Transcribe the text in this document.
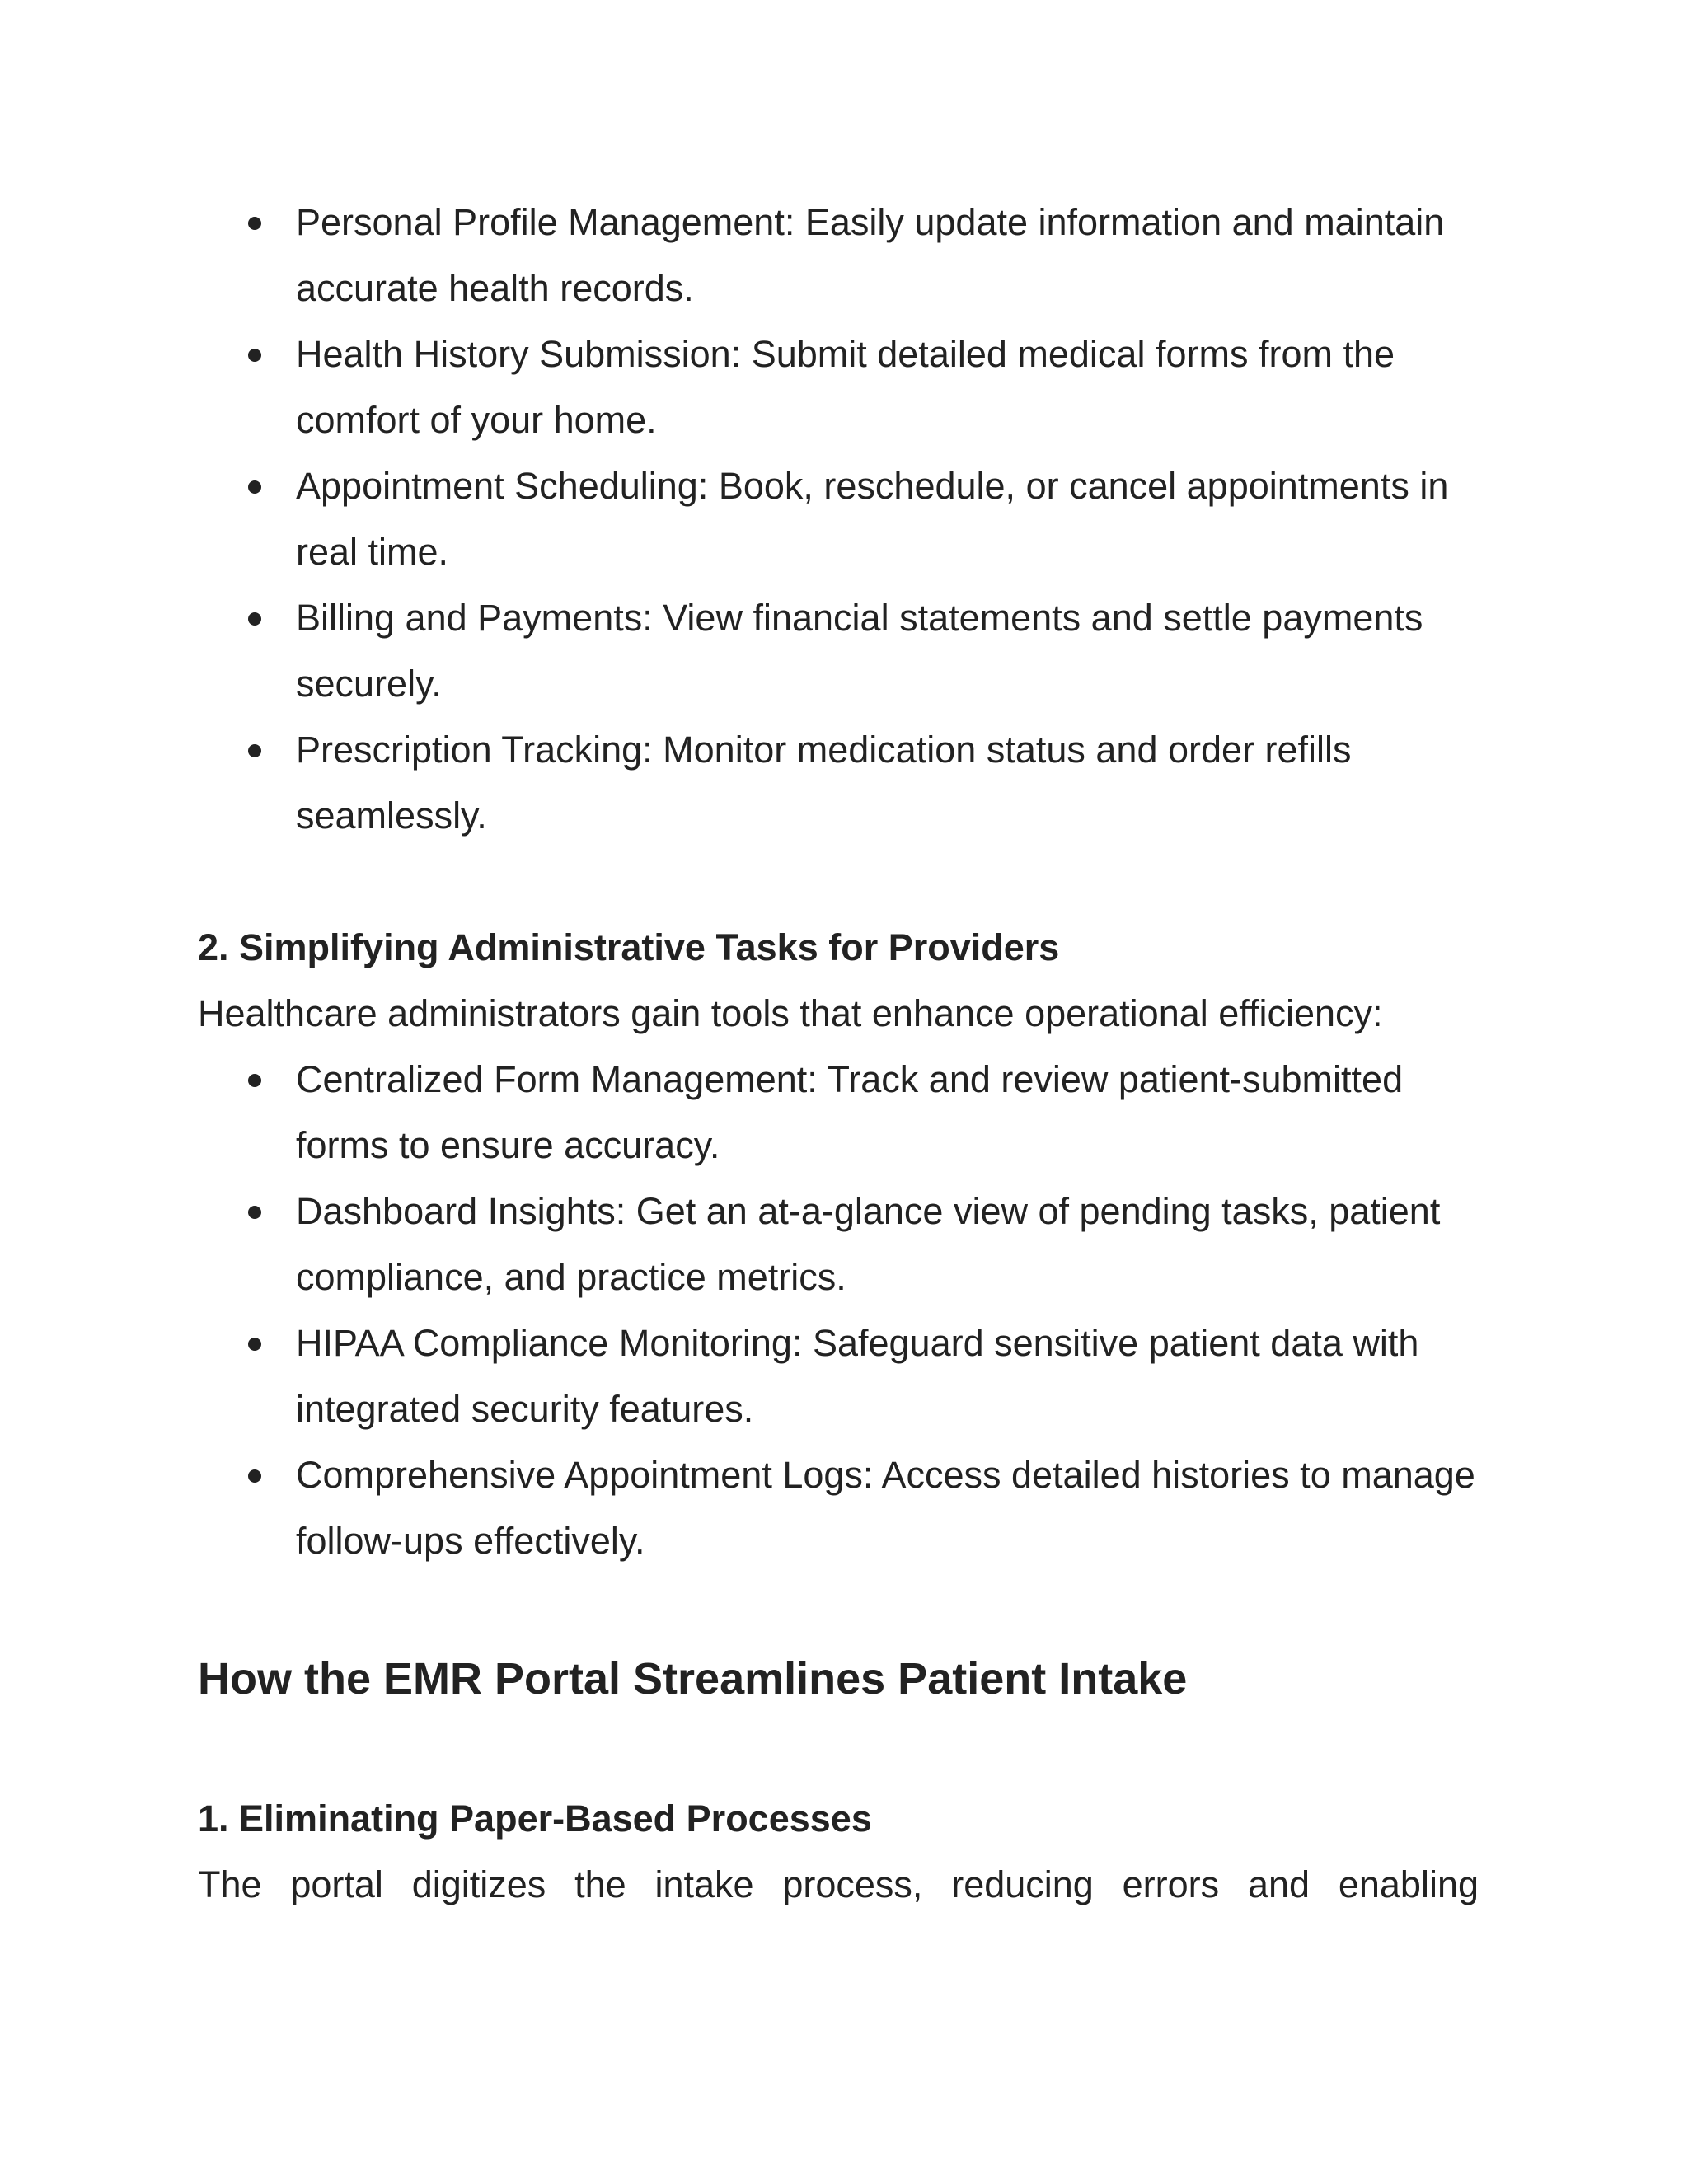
Personal Profile Management: Easily update information and maintain accurate health records.
Health History Submission: Submit detailed medical forms from the comfort of your home.
Appointment Scheduling: Book, reschedule, or cancel appointments in real time.
Billing and Payments: View financial statements and settle payments securely.
Prescription Tracking: Monitor medication status and order refills seamlessly.

2. Simplifying Administrative Tasks for Providers

Healthcare administrators gain tools that enhance operational efficiency:

Centralized Form Management: Track and review patient-submitted forms to ensure accuracy.
Dashboard Insights: Get an at-a-glance view of pending tasks, patient compliance, and practice metrics.
HIPAA Compliance Monitoring: Safeguard sensitive patient data with integrated security features.
Comprehensive Appointment Logs: Access detailed histories to manage follow-ups effectively.

How the EMR Portal Streamlines Patient Intake

1. Eliminating Paper-Based Processes

The portal digitizes the intake process, reducing errors and enabling
